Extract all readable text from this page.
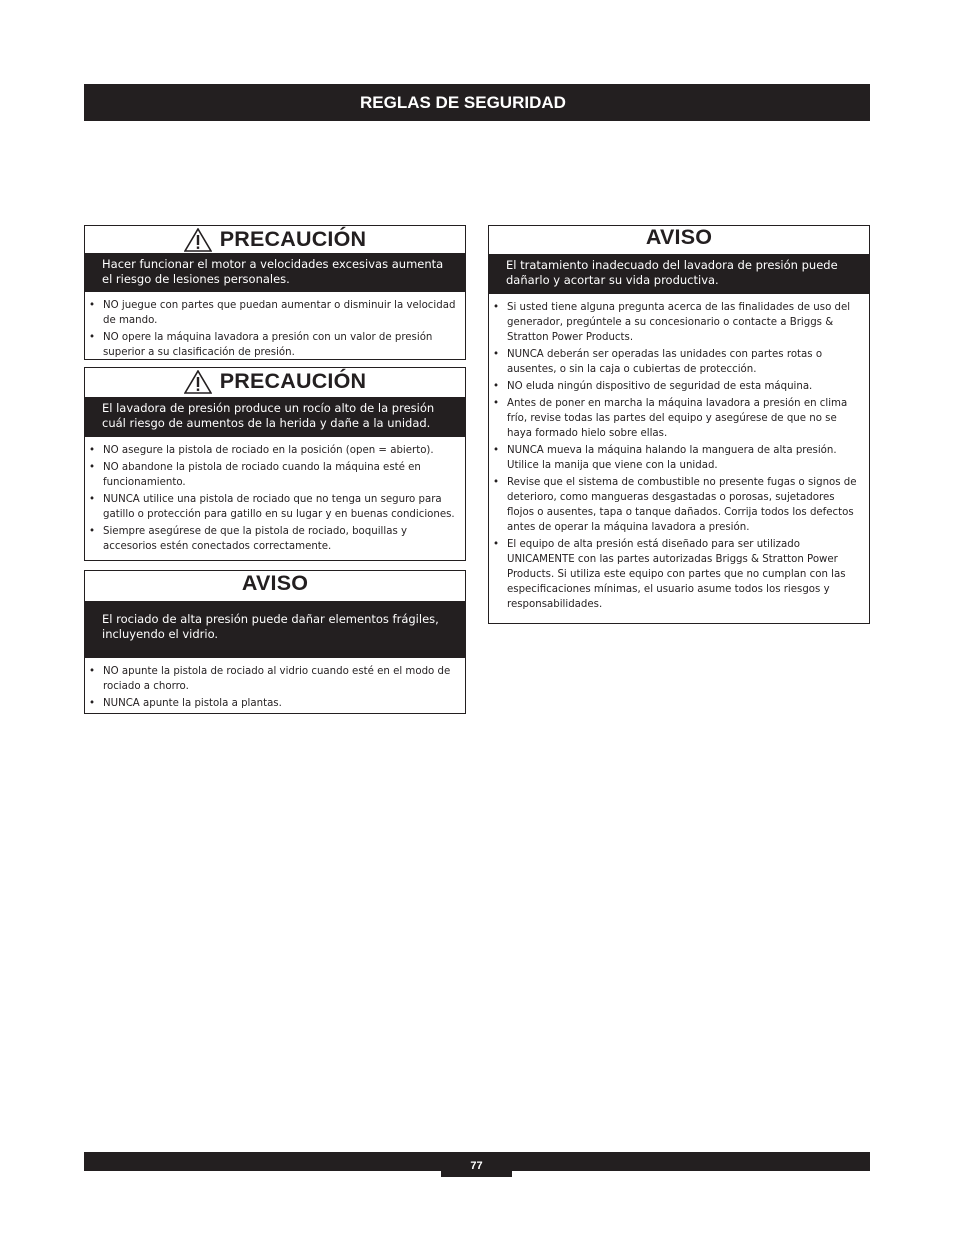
REGLAS DE SEGURIDAD
PRECAUCIÓN
Hacer funcionar el motor a velocidades excesivas aumenta el riesgo de lesiones personales.
• NO juegue con partes que puedan aumentar o disminuir la velocidad de mando.
• NO opere la máquina lavadora a presión con un valor de presión superior a su clasificación de presión.
PRECAUCIÓN
El lavadora de presión produce un rocío alto de la presión cuál riesgo de aumentos de la herida y dañe a la unidad.
• NO asegure la pistola de rociado en la posición (open = abierto).
• NO abandone la pistola de rociado cuando la máquina esté en funcionamiento.
• NUNCA utilice una pistola de rociado que no tenga un seguro para gatillo o protección para gatillo en su lugar y en buenas condiciones.
• Siempre asegúrese de que la pistola de rociado, boquillas y accesorios estén conectados correctamente.
AVISO
El rociado de alta presión puede dañar elementos frágiles, incluyendo el vidrio.
• NO apunte la pistola de rociado al vidrio cuando esté en el modo de rociado a chorro.
• NUNCA apunte la pistola a plantas.
AVISO
El tratamiento inadecuado del lavadora de presión puede dañarlo y acortar su vida productiva.
• Si usted tiene alguna pregunta acerca de las finalidades de uso del generador, pregúntele a su concesionario o contacte a Briggs & Stratton Power Products.
• NUNCA deberán ser operadas las unidades con partes rotas o ausentes, o sin la caja o cubiertas de protección.
• NO eluda ningún dispositivo de seguridad de esta máquina.
• Antes de poner en marcha la máquina lavadora a presión en clima frío, revise todas las partes del equipo y asegúrese de que no se haya formado hielo sobre ellas.
• NUNCA mueva la máquina halando la manguera de alta presión. Utilice la manija que viene con la unidad.
• Revise que el sistema de combustible no presente fugas o signos de deterioro, como mangueras desgastadas o porosas, sujetadores flojos o ausentes, tapa o tanque dañados. Corrija todos los defectos antes de operar la máquina lavadora a presión.
• El equipo de alta presión está diseñado para ser utilizado UNICAMENTE con las partes autorizadas Briggs & Stratton Power Products. Si utiliza este equipo con partes que no cumplan con las especificaciones mínimas, el usuario asume todos los riesgos y responsabilidades.
77
